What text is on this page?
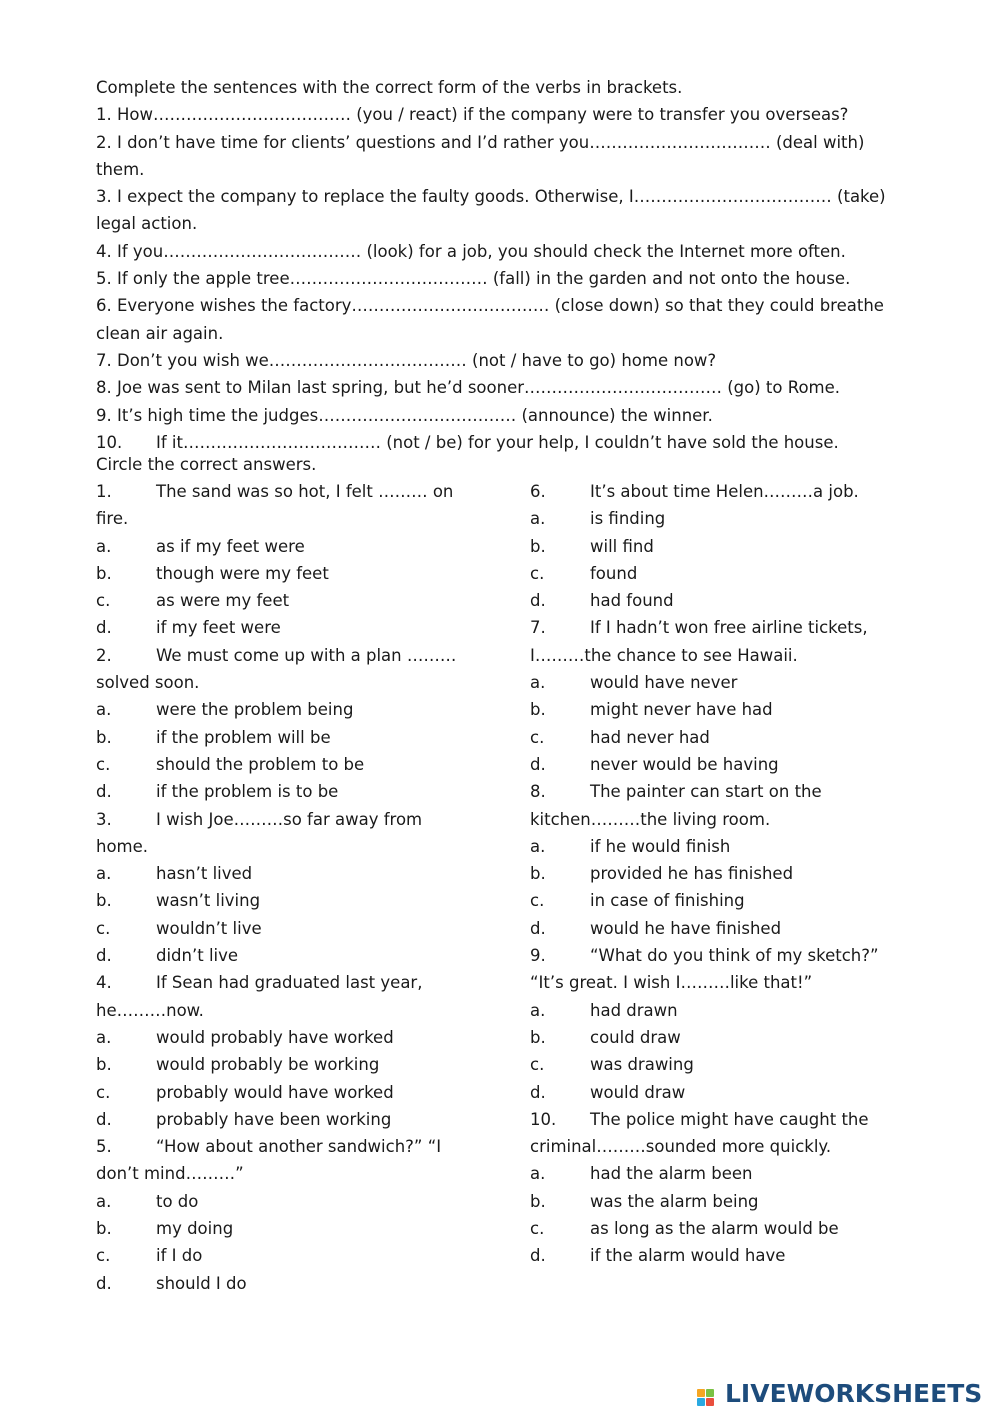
Complete the sentences with the correct form of the verbs in brackets.
1. How……………………………… (you / react) if the company were to transfer you overseas?
2. I don’t have time for clients’ questions and I’d rather you…………………………… (deal with) them.
3. I expect the company to replace the faulty goods. Otherwise, I……………………………… (take) legal action.
4. If you……………………………… (look) for a job, you should check the Internet more often.
5. If only the apple tree……………………………… (fall) in the garden and not onto the house.
6. Everyone wishes the factory……………………………… (close down) so that they could breathe clean air again.
7. Don’t you wish we……………………………… (not / have to go) home now?
8. Joe was sent to Milan last spring, but he’d sooner……………………………… (go) to Rome.
9. It’s high time the judges……………………………… (announce) the winner.
10. If it……………………………… (not / be) for your help, I couldn’t have sold the house.
Circle the correct answers.
1.	The sand was so hot, I felt ……… on fire.
a.	as if my feet were
b.	though were my feet
c.	as were my feet
d.	if my feet were
2.	We must come up with a plan ……… solved soon.
a.	were the problem being
b.	if the problem will be
c.	should the problem to be
d.	if the problem is to be
3.	I wish Joe………so far away from home.
a.	hasn’t lived
b.	wasn’t living
c.	wouldn’t live
d.	didn’t live
4.	If Sean had graduated last year, he………now.
a.	would probably have worked
b.	would probably be working
c.	probably would have worked
d.	probably have been working
5.	“How about another sandwich?” “I don’t mind………”
a.	to do
b.	my doing
c.	if I do
d.	should I do
6.	It’s about time Helen………a job.
a.	is finding
b.	will find
c.	found
d.	had found
7.	If I hadn’t won free airline tickets, I………the chance to see Hawaii.
a.	would have never
b.	might never have had
c.	had never had
d.	never would be having
8.	The painter can start on the kitchen………the living room.
a.	if he would finish
b.	provided he has finished
c.	in case of finishing
d.	would he have finished
9.	“What do you think of my sketch?” “It’s great. I wish I………like that!”
a.	had drawn
b.	could draw
c.	was drawing
d.	would draw
10. The police might have caught the criminal………sounded more quickly.
a.	had the alarm been
b.	was the alarm being
c.	as long as the alarm would be
d.	if the alarm would have
LIVEWORKSHEETS
